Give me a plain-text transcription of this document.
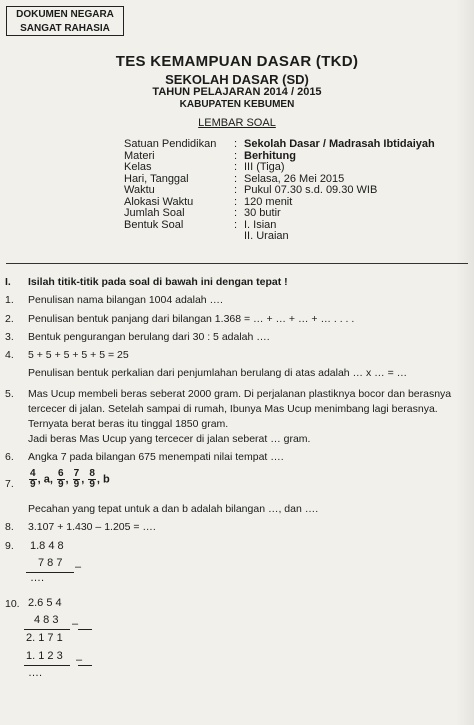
DOKUMEN NEGARA
SANGAT RAHASIA
TES KEMAMPUAN DASAR (TKD)
SEKOLAH DASAR (SD)
TAHUN PELAJARAN 2014 / 2015
KABUPATEN KEBUMEN
LEMBAR SOAL
Satuan Pendidikan : Sekolah Dasar / Madrasah Ibtidaiyah
Materi	: Berhitung
Kelas	: III (Tiga)
Hari, Tanggal	: Selasa, 26 Mei 2015
Waktu	: Pukul 07.30 s.d. 09.30 WIB
Alokasi Waktu	: 120 menit
Jumlah Soal	: 30 butir
Bentuk Soal	: I. Isian
II. Uraian
I. Isilah titik-titik pada soal di bawah ini dengan tepat !
1. Penulisan nama bilangan 1004 adalah ….
2. Penulisan bentuk panjang dari bilangan 1.368 = … + … + … + … . . . .
3. Bentuk pengurangan berulang dari 30 : 5 adalah ….
4. 5 + 5 + 5 + 5 + 5 = 25
Penulisan bentuk perkalian dari penjumlahan berulang di atas adalah … x … = …
5.	Mas Ucup membeli beras seberat 2000 gram. Di perjalanan plastiknya bocor dan berasnya
tercecer di jalan. Setelah sampai di rumah, Ibunya Mas Ucup menimbang lagi berasnya.
Ternyata berat beras itu tinggal 1850 gram.
Jadi beras Mas Ucup yang tercecer di jalan seberat … gram.
6. Angka 7 pada bilangan 675 menempati nilai tempat ….
7.	$\frac{4}{9}$ , a, $\frac{6}{9}$ , $\frac{7}{9}$ , $\frac{8}{9}$ , b
Pecahan yang tepat untuk a dan b adalah bilangan …, dan ….
8. 3.107 + 1.430 – 1.205 = ….
9.	1.8 4 8
7 8 7 –
….
10. 2.6 5 4
4 8 3 –
2. 1 7 1
1. 1 2 3 –
….
